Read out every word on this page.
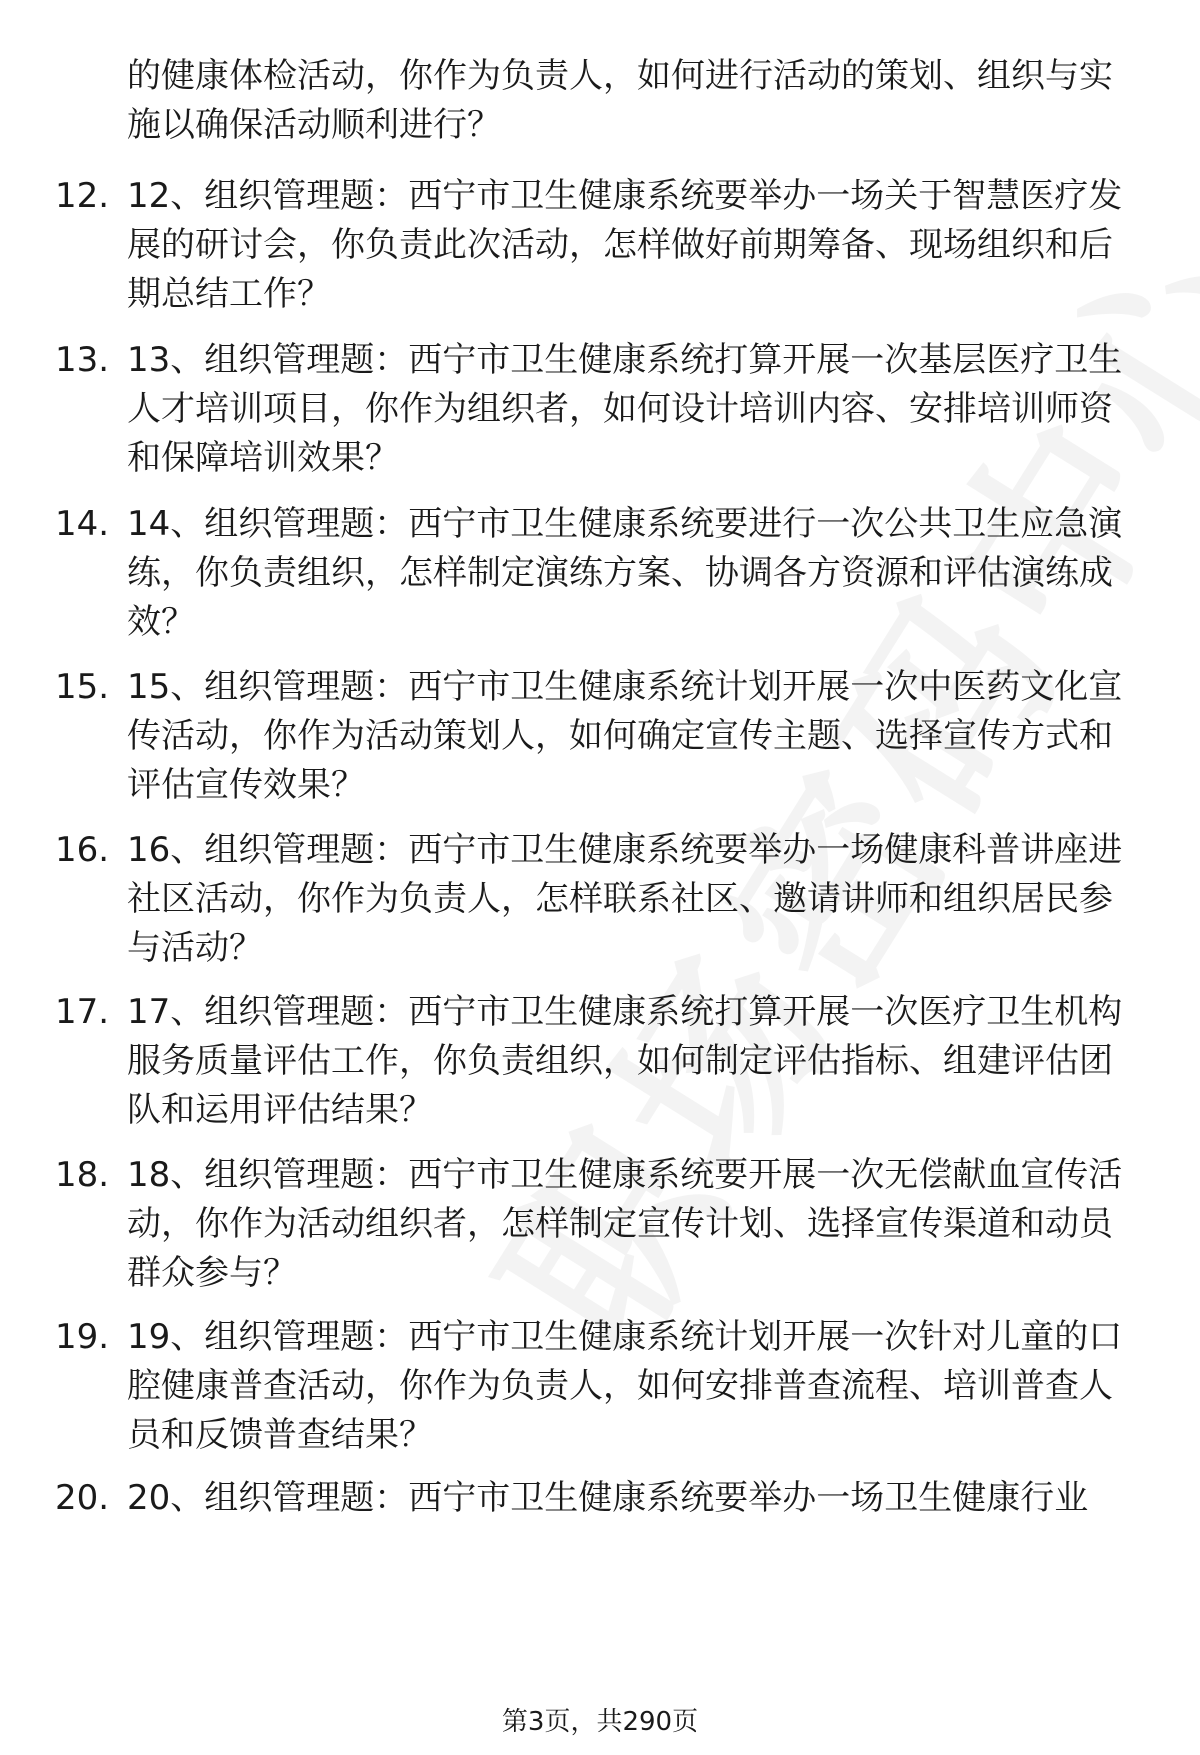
的健康体检活动，你作为负责人，如何进行活动的策划、组织与实施以确保活动顺利进行？
12. 12、组织管理题：西宁市卫生健康系统要举办一场关于智慧医疗发展的研讨会，你负责此次活动，怎样做好前期筹备、现场组织和后期总结工作？
13. 13、组织管理题：西宁市卫生健康系统打算开展一次基层医疗卫生人才培训项目，你作为组织者，如何设计培训内容、安排培训师资和保障培训效果？
14. 14、组织管理题：西宁市卫生健康系统要进行一次公共卫生应急演练，你负责组织，怎样制定演练方案、协调各方资源和评估演练成效？
15. 15、组织管理题：西宁市卫生健康系统计划开展一次中医药文化宣传活动，你作为活动策划人，如何确定宣传主题、选择宣传方式和评估宣传效果？
16. 16、组织管理题：西宁市卫生健康系统要举办一场健康科普讲座进社区活动，你作为负责人，怎样联系社区、邀请讲师和组织居民参与活动？
17. 17、组织管理题：西宁市卫生健康系统打算开展一次医疗卫生机构服务质量评估工作，你负责组织，如何制定评估指标、组建评估团队和运用评估结果？
18. 18、组织管理题：西宁市卫生健康系统要开展一次无偿献血宣传活动，你作为活动组织者，怎样制定宣传计划、选择宣传渠道和动员群众参与？
19. 19、组织管理题：西宁市卫生健康系统计划开展一次针对儿童的口腔健康普查活动，你作为负责人，如何安排普查流程、培训普查人员和反馈普查结果？
20. 20、组织管理题：西宁市卫生健康系统要举办一场卫生健康行业
第3页，共290页
